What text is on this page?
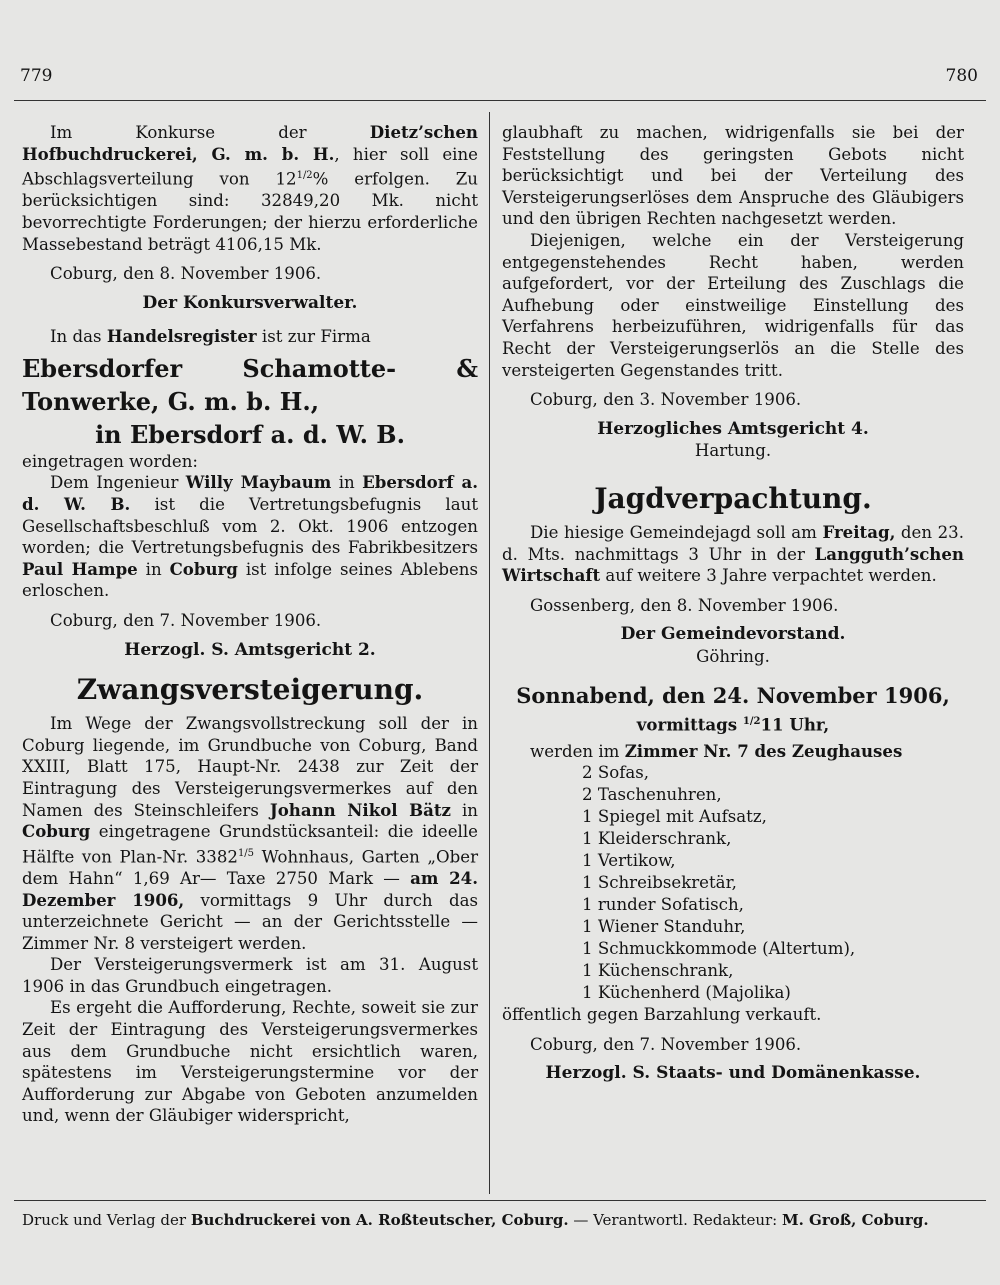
779	780

Im Konkurse der Dietz’schen Hofbuchdruckerei, G. m. b. H., hier soll eine Abschlagsverteilung von $12^{1/2}\%$ erfolgen. Zu berücksichtigen sind: 32849,20 Mk. nicht bevorrechtigte Forderungen; der hierzu erforderliche Massebestand beträgt 4106,15 Mk.

Coburg, den 8. November 1906.

Der Konkursverwalter.

In das Handelsregister ist zur Firma

Ebersdorfer Schamotte- & Tonwerke, G. m. b. H.,

in Ebersdorf a. d. W. B.

eingetragen worden:

Dem Ingenieur Willy Maybaum in Ebersdorf a. d. W. B. ist die Vertretungsbefugnis laut Gesellschaftsbeschluß vom 2. Okt. 1906 entzogen worden; die Vertretungsbefugnis des Fabrikbesitzers Paul Hampe in Coburg ist infolge seines Ablebens erloschen.

Coburg, den 7. November 1906.

Herzogl. S. Amtsgericht 2.

Zwangsversteigerung.

Im Wege der Zwangsvollstreckung soll der in Coburg liegende, im Grundbuche von Coburg, Band XXIII, Blatt 175, Haupt-Nr. 2438 zur Zeit der Eintragung des Versteigerungsvermerkes auf den Namen des Steinschleifers Johann Nikol Bätz in Coburg eingetragene Grundstücksanteil: die ideelle Hälfte von Plan-Nr. $3382^{1/5}$ Wohnhaus, Garten „Ober dem Hahn“ 1,69 Ar— Taxe 2750 Mark — am 24. Dezember 1906, vormittags 9 Uhr durch das unterzeichnete Gericht — an der Gerichtsstelle — Zimmer Nr. 8 versteigert werden.

Der Versteigerungsvermerk ist am 31. August 1906 in das Grundbuch eingetragen.

Es ergeht die Aufforderung, Rechte, soweit sie zur Zeit der Eintragung des Versteigerungsvermerkes aus dem Grundbuche nicht ersichtlich waren, spätestens im Versteigerungstermine vor der Aufforderung zur Abgabe von Geboten anzumelden und, wenn der Gläubiger widerspricht,

glaubhaft zu machen, widrigenfalls sie bei der Feststellung des geringsten Gebots nicht berücksichtigt und bei der Verteilung des Versteigerungserlöses dem Anspruche des Gläubigers und den übrigen Rechten nachgesetzt werden.

Diejenigen, welche ein der Versteigerung entgegenstehendes Recht haben, werden aufgefordert, vor der Erteilung des Zuschlags die Aufhebung oder einstweilige Einstellung des Verfahrens herbeizuführen, widrigenfalls für das Recht der Versteigerungserlös an die Stelle des versteigerten Gegenstandes tritt.

Coburg, den 3. November 1906.

Herzogliches Amtsgericht 4.

Hartung.

Jagdverpachtung.

Die hiesige Gemeindejagd soll am Freitag, den 23. d. Mts. nachmittags 3 Uhr in der Langguth’schen Wirtschaft auf weitere 3 Jahre verpachtet werden.

Gossenberg, den 8. November 1906.

Der Gemeindevorstand.

Göhring.

Sonnabend, den 24. November 1906,

vormittags $^{1/2}$11 Uhr,

werden im Zimmer Nr. 7 des Zeughauses

2 Sofas,
2 Taschenuhren,
1 Spiegel mit Aufsatz,
1 Kleiderschrank,
1 Vertikow,
1 Schreibsekretär,
1 runder Sofatisch,
1 Wiener Standuhr,
1 Schmuckkommode (Altertum),
1 Küchenschrank,
1 Küchenherd (Majolika)

öffentlich gegen Barzahlung verkauft.

Coburg, den 7. November 1906.

Herzogl. S. Staats- und Domänenkasse.

Druck und Verlag der Buchdruckerei von A. Roßteutscher, Coburg. — Verantwortl. Redakteur: M. Groß, Coburg.
